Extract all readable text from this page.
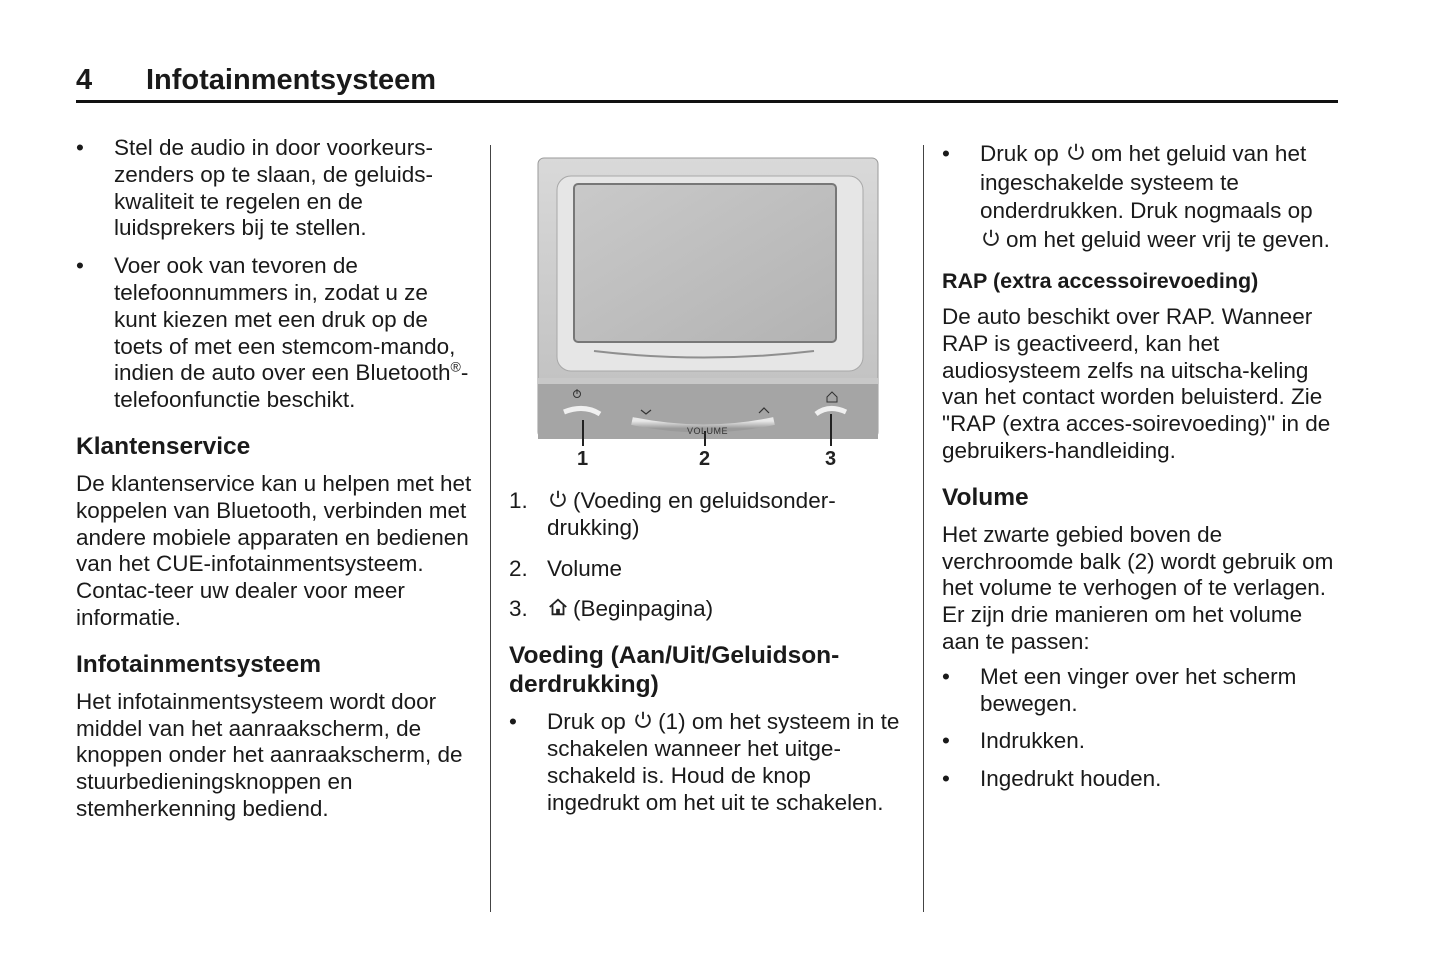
4 Infotainmentsysteem
• Stel de audio in door voorkeurs-zenders op te slaan, de geluids-kwaliteit te regelen en de luidsprekers bij te stellen.
• Voer ook van tevoren de telefoonnummers in, zodat u ze kunt kiezen met een druk op de toets of met een stemcom-mando, indien de auto over een Bluetooth®-telefoonfunctie beschikt.
Klantenservice

De klantenservice kan u helpen met het koppelen van Bluetooth, verbinden met andere mobiele apparaten en bedienen van het CUE-infotainmentsysteem. Contac-teer uw dealer voor meer informatie.

Infotainmentsysteem

Het infotainmentsysteem wordt door middel van het aanraakscherm, de knoppen onder het aanraakscherm, de stuurbedieningsknoppen en stemherkenning bediend.

VOLUME
1	2	3
1. (Voeding en geluidsonder-drukking)
2. Volume
3. (Beginpagina)
Voeding (Aan/Uit/Geluidson-derdrukking)
• Druk op (1) om het systeem in te schakelen wanneer het uitge-schakeld is. Houd de knop ingedrukt om het uit te schakelen.
• Druk op om het geluid van het ingeschakelde systeem te onderdrukken. Druk nogmaals op
om het geluid weer vrij te geven.
RAP (extra accessoirevoeding)

De auto beschikt over RAP. Wanneer RAP is geactiveerd, kan het audiosysteem zelfs na uitscha-keling van het contact worden beluisterd. Zie "RAP (extra acces-soirevoeding)" in de gebruikers-handleiding.

Volume

Het zwarte gebied boven de verchroomde balk (2) wordt gebruik om het volume te verhogen of te verlagen. Er zijn drie manieren om het volume aan te passen:

• Met een vinger over het scherm bewegen.
• Indrukken.
• Ingedrukt houden.
